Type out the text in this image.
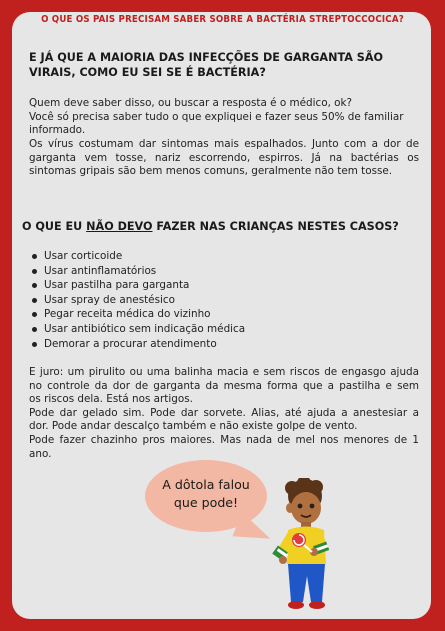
O QUE OS PAIS PRECISAM SABER SOBRE A BACTÉRIA STREPTOCCOCICA?
E JÁ QUE A MAIORIA DAS INFECÇÕES DE GARGANTA SÃO
VIRAIS, COMO EU SEI SE É BACTÉRIA?
Quem deve saber disso, ou buscar a resposta é o médico, ok?
Você só precisa saber tudo o que expliquei e fazer seus 50% de familiar
informado.
Os vírus costumam dar sintomas mais espalhados. Junto com a dor de
garganta vem tosse, nariz escorrendo, espirros. Já na bactérias os
sintomas gripais são bem menos comuns, geralmente não tem tosse.
O QUE EU NÃO DEVO FAZER NAS CRIANÇAS NESTES CASOS?
Usar corticoide
Usar antinflamatórios
Usar pastilha para garganta
Usar spray de anestésico
Pegar receita médica do vizinho
Usar antibiótico sem indicação médica
Demorar a procurar atendimento
E juro: um pirulito ou uma balinha macia e sem riscos de engasgo ajuda
no controle da dor de garganta da mesma forma que a pastilha e sem
os riscos dela. Está nos artigos.
Pode dar gelado sim. Pode dar sorvete. Alias, até ajuda a anestesiar a
dor. Pode andar descalço também e não existe golpe de vento.
Pode fazer chazinho pros maiores. Mas nada de mel nos menores de 1
ano.
A dôtola falou
que pode!
